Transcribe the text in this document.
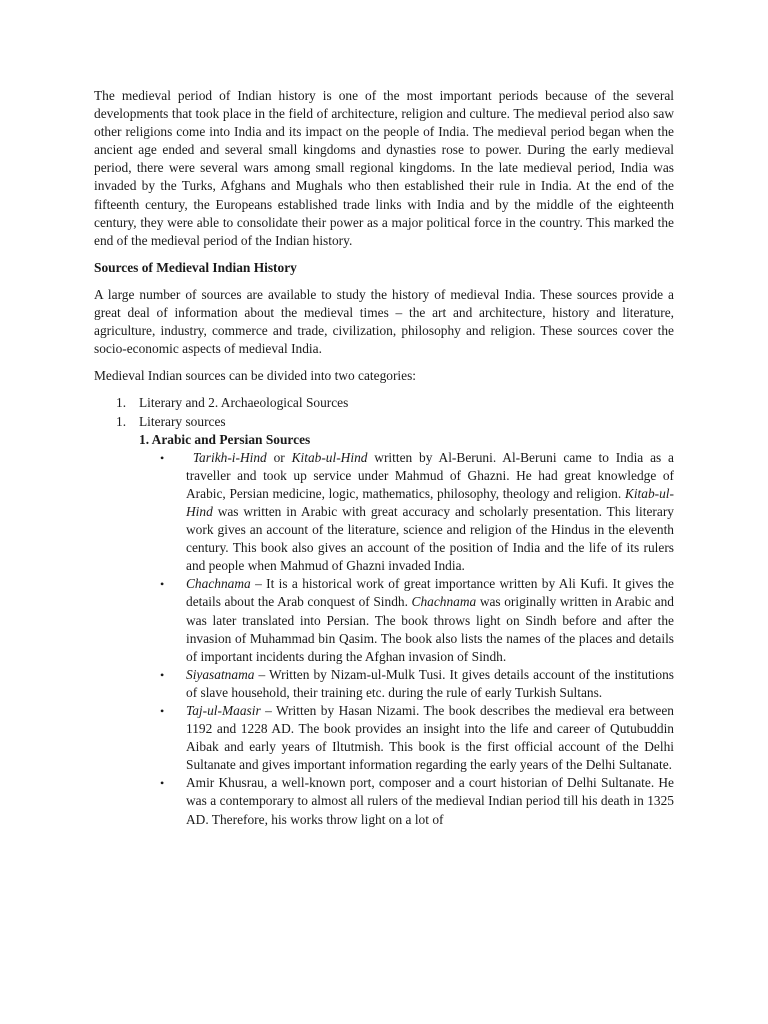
The medieval period of Indian history is one of the most important periods because of the several developments that took place in the field of architecture, religion and culture. The medieval period also saw other religions come into India and its impact on the people of India. The medieval period began when the ancient age ended and several small kingdoms and dynasties rose to power. During the early medieval period, there were several wars among small regional kingdoms. In the late medieval period, India was invaded by the Turks, Afghans and Mughals who then established their rule in India. At the end of the fifteenth century, the Europeans established trade links with India and by the middle of the eighteenth century, they were able to consolidate their power as a major political force in the country. This marked the end of the medieval period of the Indian history.

Sources of Medieval Indian History

A large number of sources are available to study the history of medieval India. These sources provide a great deal of information about the medieval times – the art and architecture, history and literature, agriculture, industry, commerce and trade, civilization, philosophy and religion. These sources cover the socio-economic aspects of medieval India.

Medieval Indian sources can be divided into two categories:

1. Literary and 2. Archaeological Sources
1. Literary sources

1. Arabic and Persian Sources

• Tarikh-i-Hind or Kitab-ul-Hind written by Al-Beruni. Al-Beruni came to India as a traveller and took up service under Mahmud of Ghazni. He had great knowledge of Arabic, Persian medicine, logic, mathematics, philosophy, theology and religion. Kitab-ul-Hind was written in Arabic with great accuracy and scholarly presentation. This literary work gives an account of the literature, science and religion of the Hindus in the eleventh century. This book also gives an account of the position of India and the life of its rulers and people when Mahmud of Ghazni invaded India.
• Chachnama – It is a historical work of great importance written by Ali Kufi. It gives the details about the Arab conquest of Sindh. Chachnama was originally written in Arabic and was later translated into Persian. The book throws light on Sindh before and after the invasion of Muhammad bin Qasim. The book also lists the names of the places and details of important incidents during the Afghan invasion of Sindh.
• Siyasatnama – Written by Nizam-ul-Mulk Tusi. It gives details account of the institutions of slave household, their training etc. during the rule of early Turkish Sultans.
• Taj-ul-Maasir – Written by Hasan Nizami. The book describes the medieval era between 1192 and 1228 AD. The book provides an insight into the life and career of Qutubuddin Aibak and early years of Iltutmish. This book is the first official account of the Delhi Sultanate and gives important information regarding the early years of the Delhi Sultanate.
• Amir Khusrau, a well-known port, composer and a court historian of Delhi Sultanate. He was a contemporary to almost all rulers of the medieval Indian period till his death in 1325 AD. Therefore, his works throw light on a lot of
